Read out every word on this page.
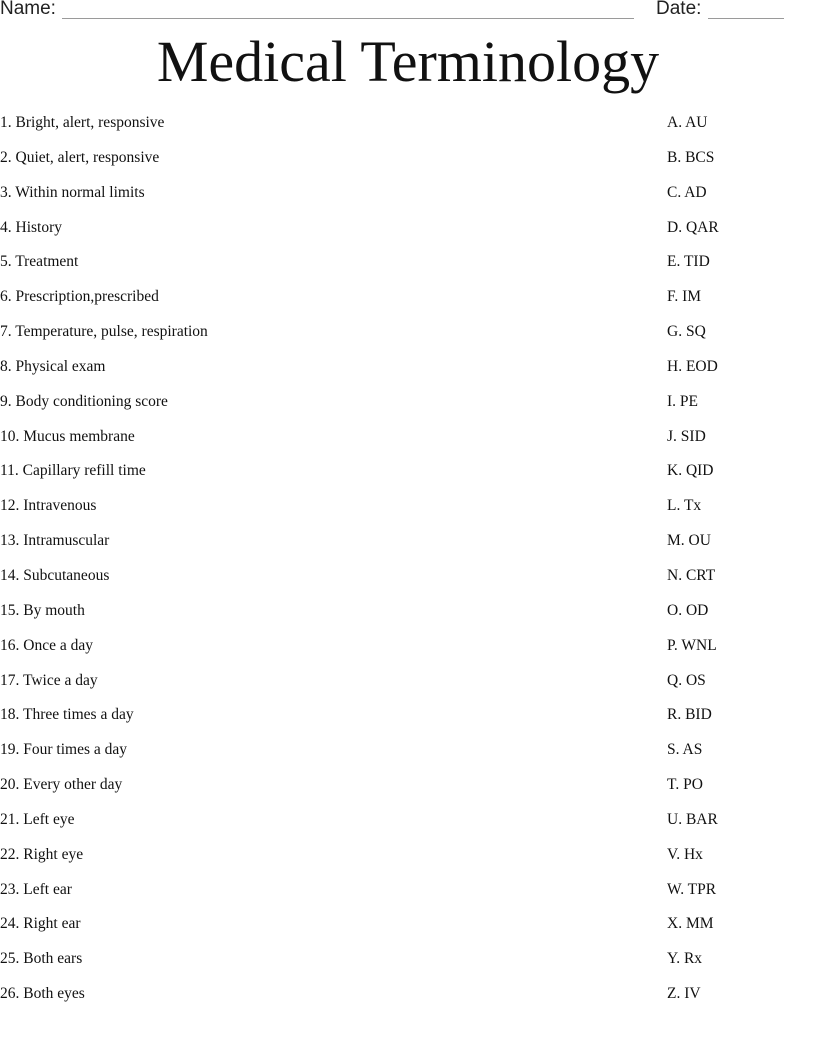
Name:	Date:
Medical Terminology
1. Bright, alert, responsive	A. AU
2. Quiet, alert, responsive	B. BCS
3. Within normal limits	C. AD
4. History	D. QAR
5. Treatment	E. TID
6. Prescription,prescribed	F. IM
7. Temperature, pulse, respiration	G. SQ
8. Physical exam	H. EOD
9. Body conditioning score	I. PE
10. Mucus membrane	J. SID
11. Capillary refill time	K. QID
12. Intravenous	L. Tx
13. Intramuscular	M. OU
14. Subcutaneous	N. CRT
15. By mouth	O. OD
16. Once a day	P. WNL
17. Twice a day	Q. OS
18. Three times a day	R. BID
19. Four times a day	S. AS
20. Every other day	T. PO
21. Left eye	U. BAR
22. Right eye	V. Hx
23. Left ear	W. TPR
24. Right ear	X. MM
25. Both ears	Y. Rx
26. Both eyes	Z. IV
